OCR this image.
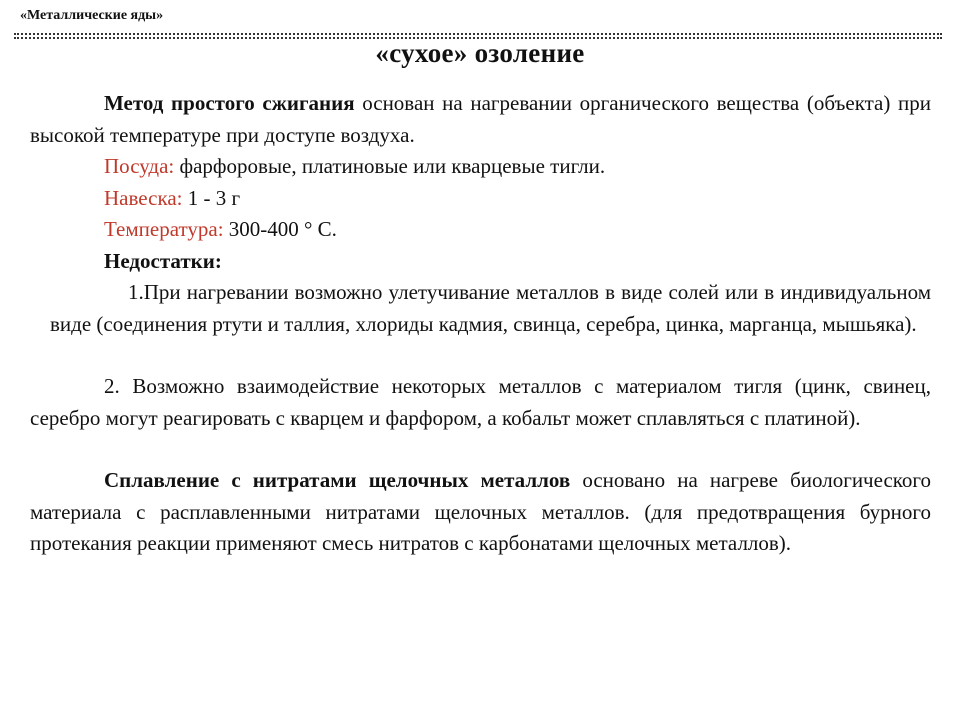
«Металлические яды»
«сухое» озоление

Метод простого сжигания основан на нагревании органического вещества (объекта) при высокой температуре при доступе воздуха.

Посуда: фарфоровые, платиновые или кварцевые тигли.

Навеска: 1 - 3 г

Температура: 300-400 ° С.

Недостатки:

1.При нагревании возможно улетучивание металлов в виде солей или в индивидуальном виде (соединения ртути и таллия, хлориды кадмия, свинца, серебра, цинка, марганца, мышьяка).

2. Возможно взаимодействие некоторых металлов с материалом тигля (цинк, свинец, серебро могут реагировать с кварцем и фарфором, а кобальт может сплавляться с платиной).

Сплавление с нитратами щелочных металлов основано на нагреве биологического материала с расплавленными нитратами щелочных металлов. (для предотвращения бурного протекания реакции применяют смесь нитратов с карбонатами щелочных металлов).
